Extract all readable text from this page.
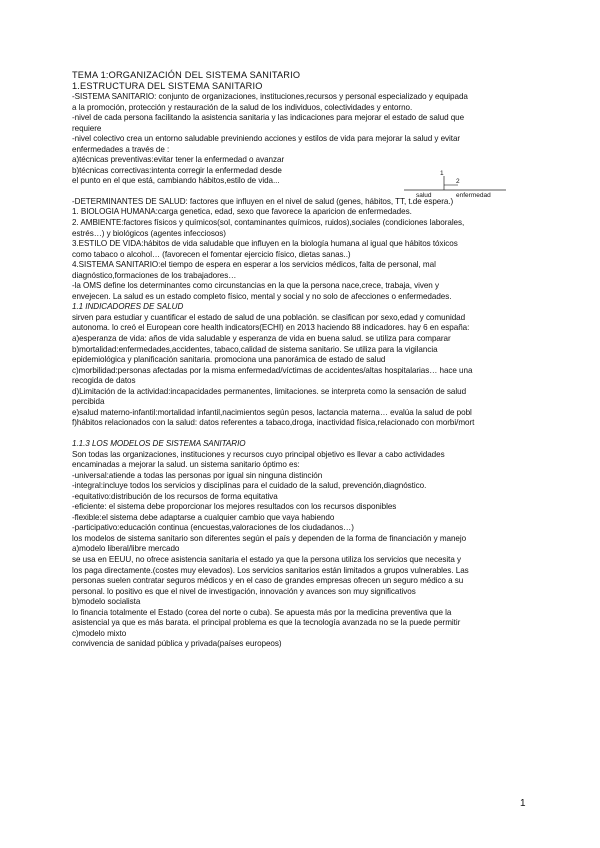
TEMA 1:ORGANIZACIÓN DEL SISTEMA SANITARIO

1.ESTRUCTURA DEL SISTEMA SANITARIO

-SISTEMA SANITARIO: conjunto de organizaciones, instituciones,recursos y personal especializado y equipada

a la promoción, protección y restauración de la salud de los individuos, colectividades y entorno.

-nivel de cada persona facilitando la asistencia sanitaria y las indicaciones para mejorar el estado de salud que

requiere

-nivel colectivo crea un entorno saludable previniendo acciones y estilos de vida para mejorar la salud y evitar

enfermedades a través de :

a)técnicas preventivas:evitar tener la enfermedad o avanzar

b)técnicas correctivas:intenta corregir la enfermedad desde

el punto en el que está, cambiando hábitos,estilo de vida...

-DETERMINANTES DE SALUD: factores que influyen en el nivel de salud (genes, hábitos, TT, t.de espera.)

1. BIOLOGIA HUMANA:carga genetica, edad, sexo que favorece la aparicion de enfermedades.

2. AMBIENTE:factores físicos y químicos(sol, contaminantes químicos, ruidos),sociales (condiciones laborales,

estrés…) y biológicos (agentes infecciosos)

3.ESTILO DE VIDA:hábitos de vida saludable que influyen en la biología humana al igual que hábitos tóxicos

como tabaco o alcohol… (favorecen el fomentar ejercicio físico, dietas sanas..)

4.SISTEMA SANITARIO:el tiempo de espera en esperar a los servicios médicos, falta de personal, mal

diagnóstico,formaciones de los trabajadores…

-la OMS define los determinantes como circunstancias en la que la persona nace,crece, trabaja, viven y

envejecen. La salud es un estado completo físico, mental y social y no solo de afecciones o enfermedades.

1.1 INDICADORES DE SALUD

sirven para estudiar y cuantificar el estado de salud de una población. se clasifican por sexo,edad y comunidad

autonoma. lo creó el European core health indicators(ECHI) en 2013 haciendo 88 indicadores. hay 6 en españa:

a)esperanza de vida: años de vida saludable y esperanza de vida en buena salud. se utiliza para comparar

b)mortalidad:enfermedades,accidentes, tabaco,calidad de sistema sanitario. Se utiliza para la vigilancia

epidemiológica y planificación sanitaria. promociona una panorámica de estado de salud

c)morbilidad:personas afectadas por la misma enfermedad/víctimas de accidentes/altas hospitalarias… hace una

recogida de datos

d)Limitación de la actividad:incapacidades permanentes, limitaciones. se interpreta como la sensación de salud

percibida

e)salud materno-infantil:mortalidad infantil,nacimientos según pesos, lactancia materna… evalúa la salud de pobl

f)hábitos relacionados con la salud: datos referentes a tabaco,droga, inactividad física,relacionado con morbi/mort

1.1.3 LOS MODELOS DE SISTEMA SANITARIO

Son todas las organizaciones, instituciones y recursos cuyo principal objetivo es llevar a cabo actividades

encaminadas a mejorar la salud. un sistema sanitario óptimo es:

-universal:atiende a todas las personas por igual sin ninguna distinción

-integral:incluye todos los servicios y disciplinas para el cuidado de la salud, prevención,diagnóstico.

-equitativo:distribución de los recursos de forma equitativa

-eficiente: el sistema debe proporcionar los mejores resultados con los recursos disponibles

-flexible:el sistema debe adaptarse a cualquier cambio que vaya habiendo

-participativo:educación continua (encuestas,valoraciones de los ciudadanos…)

los modelos de sistema sanitario son diferentes según el país y dependen de la forma de financiación y manejo

a)modelo liberal/libre mercado

se usa en EEUU, no ofrece asistencia sanitaria el estado ya que la persona utiliza los servicios que necesita y

los paga directamente.(costes muy elevados). Los servicios sanitarios están limitados a grupos vulnerables. Las

personas suelen contratar seguros médicos y en el caso de grandes empresas ofrecen un seguro médico a su

personal. lo positivo es que el nivel de investigación, innovación y avances son muy significativos

b)modelo socialista

lo financia totalmente el Estado (corea del norte o cuba). Se apuesta más por la medicina preventiva que la

asistencial ya que es más barata. el principal problema es que la tecnología avanzada no se la puede permitir

c)modelo mixto

convivencia de sanidad pública y privada(países europeos)

1
2
salud	enfermedad
1
